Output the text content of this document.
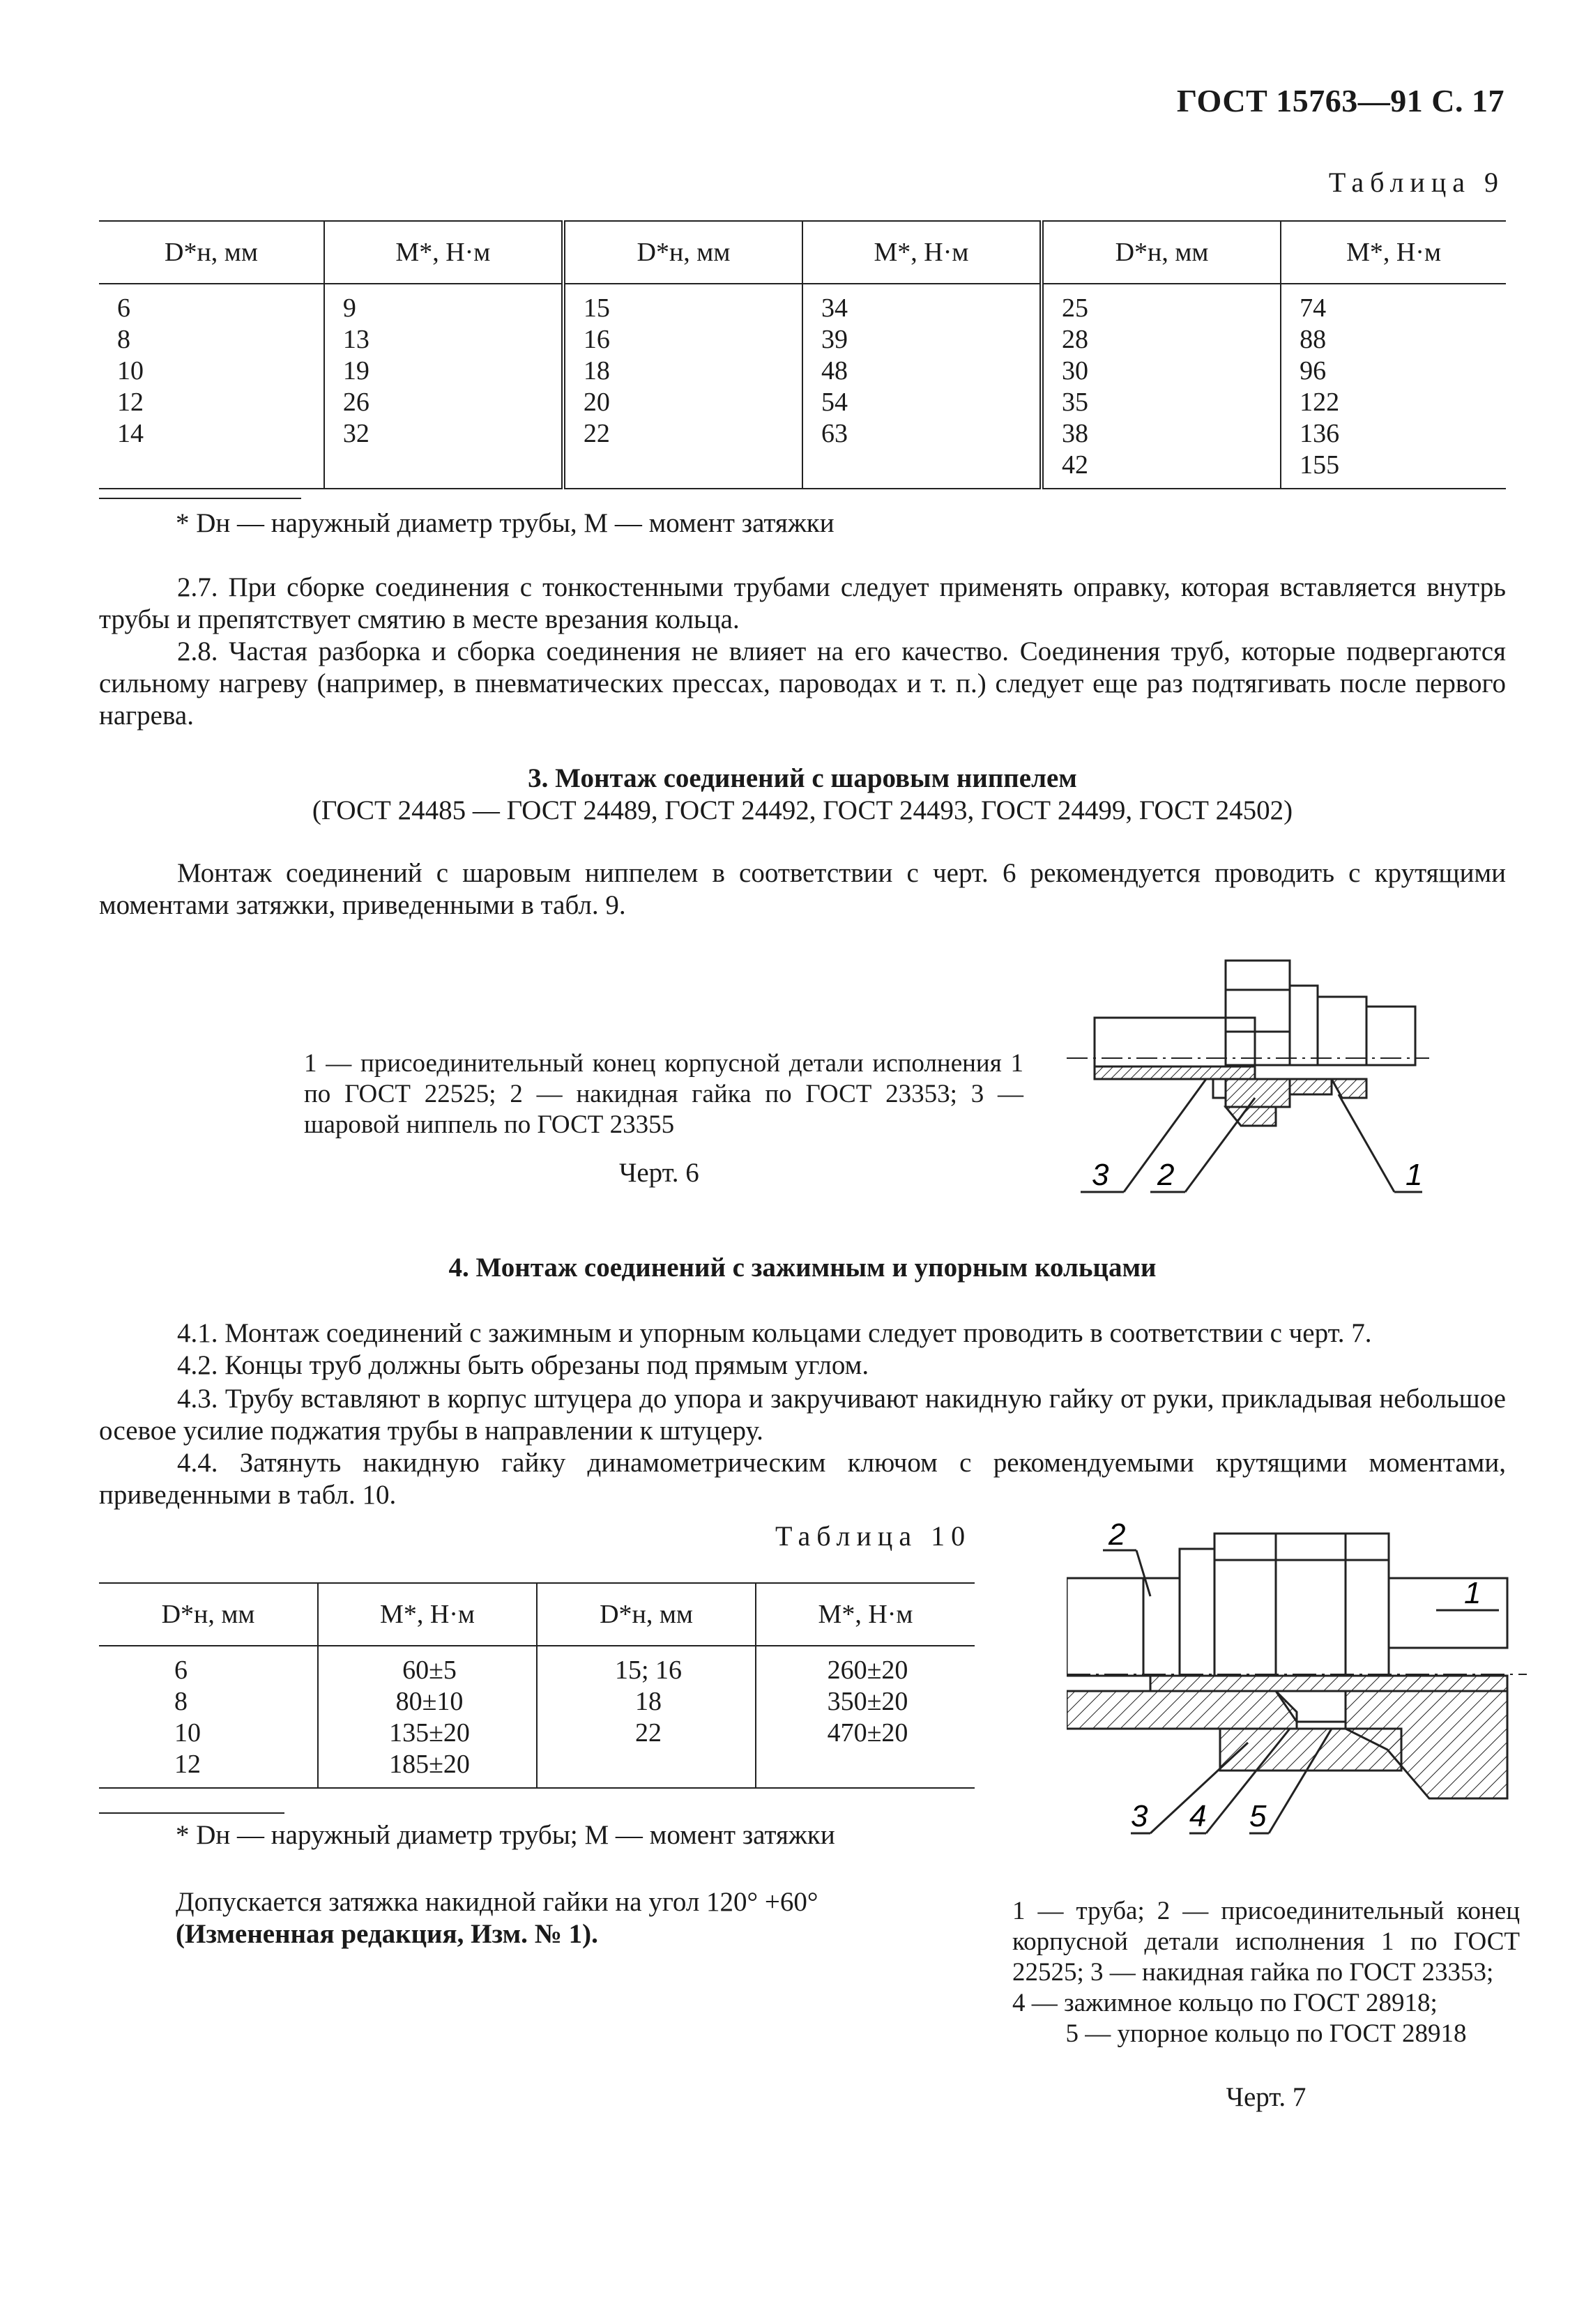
ГОСТ 15763—91 С. 17
Таблица 9
D*н, мм	M*, Н·м	D*н, мм	M*, Н·м	D*н, мм	M*, Н·м
6	9	15	34	25	74
8	13	16	39	28	88
10	19	18	48	30	96
12	26	20	54	35	122
14	32	22	63	38	136
				42	155
* Dн — наружный диаметр трубы, M — момент затяжки
2.7. При сборке соединения с тонкостенными трубами следует применять оправку, которая вставляется внутрь трубы и препятствует смятию в месте врезания кольца.
2.8. Частая разборка и сборка соединения не влияет на его качество. Соединения труб, которые подвергаются сильному нагреву (например, в пневматических прессах, пароводах и т. п.) следует еще раз подтягивать после первого нагрева.
3. Монтаж соединений с шаровым ниппелем
(ГОСТ 24485 — ГОСТ 24489, ГОСТ 24492, ГОСТ 24493, ГОСТ 24499, ГОСТ 24502)
Монтаж соединений с шаровым ниппелем в соответствии с черт. 6 рекомендуется проводить с крутящими моментами затяжки, приведенными в табл. 9.
1 — присоединительный конец корпусной детали исполнения 1 по ГОСТ 22525; 2 — накидная гайка по ГОСТ 23353; 3 — шаровой ниппель по ГОСТ 23355
Черт. 6	3 2	1
4. Монтаж соединений с зажимным и упорным кольцами
4.1. Монтаж соединений с зажимным и упорным кольцами следует проводить в соответствии с черт. 7.
4.2. Концы труб должны быть обрезаны под прямым углом.
4.3. Трубу вставляют в корпус штуцера до упора и закручивают накидную гайку от руки, прикладывая небольшое осевое усилие поджатия трубы в направлении к штуцеру.
4.4. Затянуть накидную гайку динамометрическим ключом с рекомендуемыми крутящими моментами, приведенными в табл. 10.
Таблица 10
D*н, мм	M*, Н·м	D*н, мм	M*, Н·м
6	60±5	15; 16	260±20
8	80±10	18	350±20
10	135±20	22	470±20
12	185±20		
* Dн — наружный диаметр трубы; M — момент затяжки
Допускается затяжка накидной гайки на угол 120° +60°
(Измененная редакция, Изм. № 1).
2
1
3 4 5
1 — труба; 2 — присоединительный конец корпусной детали исполнения 1 по ГОСТ 22525; 3 — накидная гайка по ГОСТ 23353;
4 — зажимное кольцо по ГОСТ 28918;
5 — упорное кольцо по ГОСТ 28918
Черт. 7
